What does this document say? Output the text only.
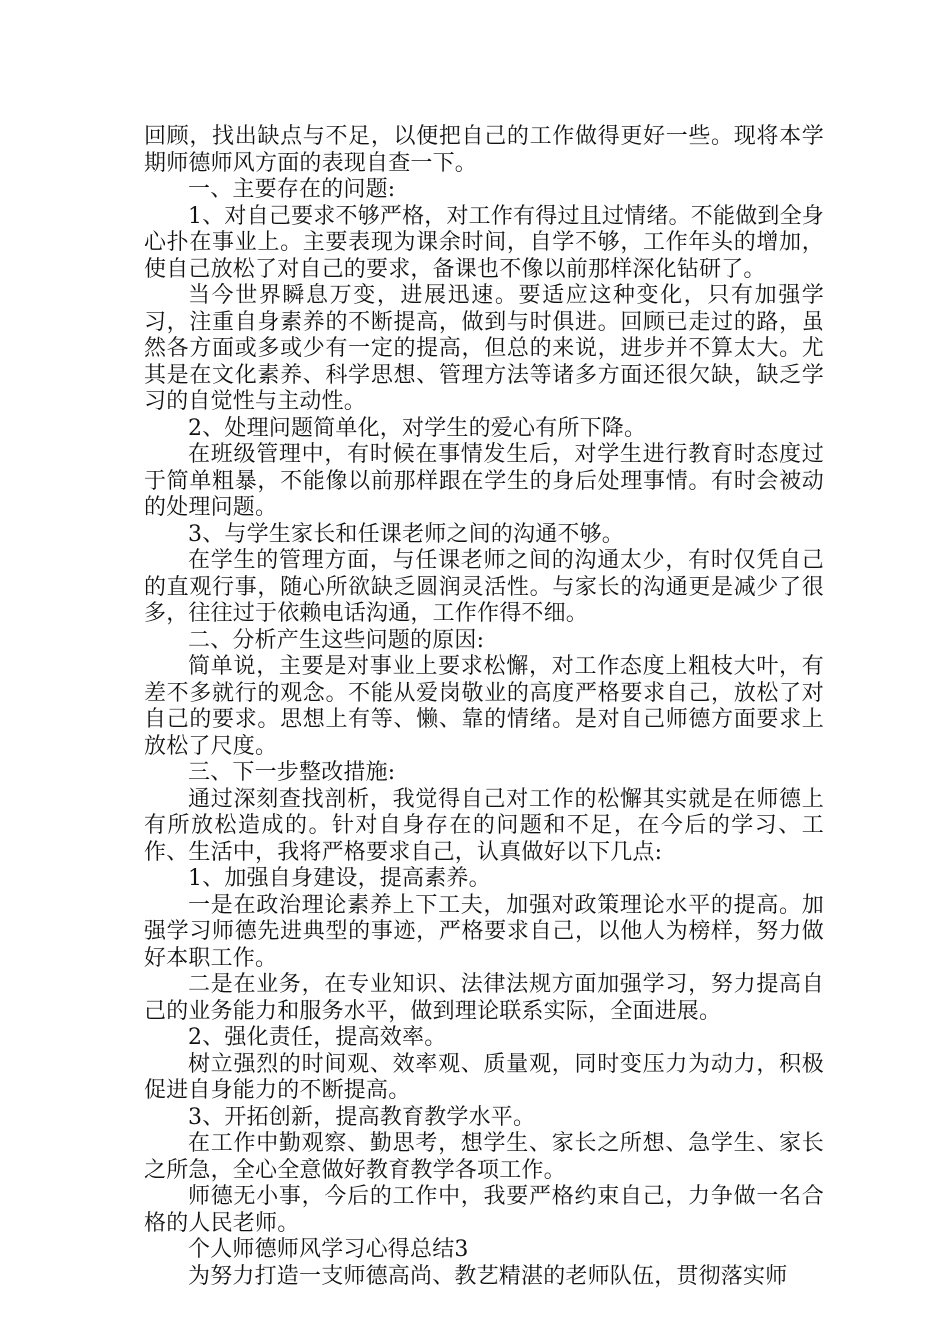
回顾，找出缺点与不足，以便把自己的工作做得更好一些。现将本学期师德师风方面的表现自查一下。

一、主要存在的问题:

1、对自己要求不够严格，对工作有得过且过情绪。不能做到全身心扑在事业上。主要表现为课余时间，自学不够，工作年头的增加，使自己放松了对自己的要求，备课也不像以前那样深化钻研了。

当今世界瞬息万变，进展迅速。要适应这种变化，只有加强学习，注重自身素养的不断提高，做到与时俱进。回顾已走过的路，虽然各方面或多或少有一定的提高，但总的来说，进步并不算太大。尤其是在文化素养、科学思想、管理方法等诸多方面还很欠缺，缺乏学习的自觉性与主动性。

2、处理问题简单化，对学生的爱心有所下降。

在班级管理中，有时候在事情发生后，对学生进行教育时态度过于简单粗暴，不能像以前那样跟在学生的身后处理事情。有时会被动的处理问题。

3、与学生家长和任课老师之间的沟通不够。

在学生的管理方面，与任课老师之间的沟通太少，有时仅凭自己的直观行事，随心所欲缺乏圆润灵活性。与家长的沟通更是减少了很多，往往过于依赖电话沟通，工作作得不细。

二、分析产生这些问题的原因:

简单说，主要是对事业上要求松懈，对工作态度上粗枝大叶，有差不多就行的观念。不能从爱岗敬业的高度严格要求自己，放松了对自己的要求。思想上有等、懒、靠的情绪。是对自己师德方面要求上放松了尺度。

三、下一步整改措施:

通过深刻查找剖析，我觉得自己对工作的松懈其实就是在师德上有所放松造成的。针对自身存在的问题和不足，在今后的学习、工作、生活中，我将严格要求自己，认真做好以下几点:

1、加强自身建设，提高素养。

一是在政治理论素养上下工夫，加强对政策理论水平的提高。加强学习师德先进典型的事迹，严格要求自己，以他人为榜样，努力做好本职工作。

二是在业务，在专业知识、法律法规方面加强学习，努力提高自己的业务能力和服务水平，做到理论联系实际，全面进展。

2、强化责任，提高效率。

树立强烈的时间观、效率观、质量观，同时变压力为动力，积极促进自身能力的不断提高。

3、开拓创新，提高教育教学水平。

在工作中勤观察、勤思考，想学生、家长之所想、急学生、家长之所急，全心全意做好教育教学各项工作。

师德无小事，今后的工作中，我要严格约束自己，力争做一名合格的人民老师。

个人师德师风学习心得总结3

为努力打造一支师德高尚、教艺精湛的老师队伍，贯彻落实师
